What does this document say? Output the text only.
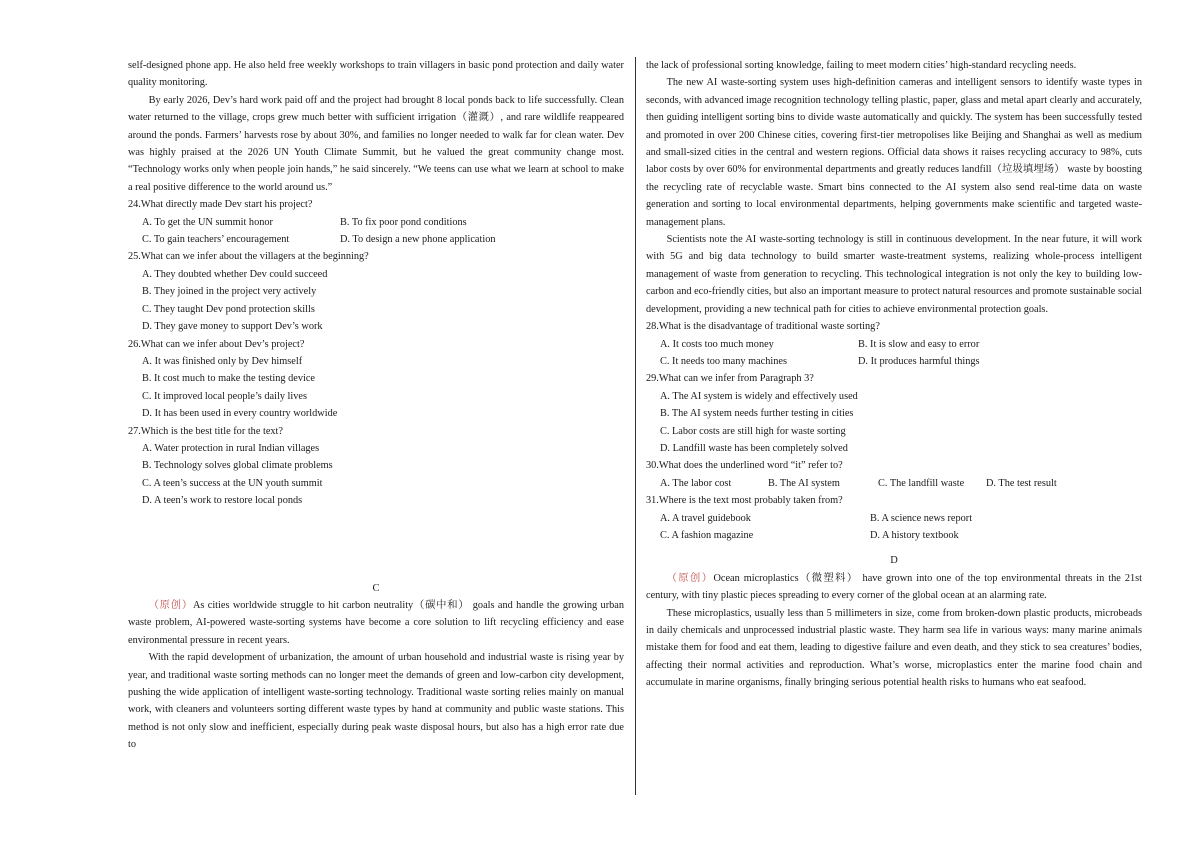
self-designed phone app. He also held free weekly workshops to train villagers in basic pond protection and daily water quality monitoring.

By early 2026, Dev’s hard work paid off and the project had brought 8 local ponds back to life successfully. Clean water returned to the village, crops grew much better with sufficient irrigation（灌溉）, and rare wildlife reappeared around the ponds. Farmers’ harvests rose by about 30%, and families no longer needed to walk far for clean water. Dev was highly praised at the 2026 UN Youth Climate Summit, but he valued the great community change most. “Technology works only when people join hands,” he said sincerely. “We teens can use what we learn at school to make a real positive difference to the world around us.”

24.What directly made Dev start his project?

A. To get the UN summit honor	B. To fix poor pond conditions
C. To gain teachers’ encouragement	D. To design a new phone application

25.What can we infer about the villagers at the beginning?

A. They doubted whether Dev could succeed

B. They joined in the project very actively

C. They taught Dev pond protection skills

D. They gave money to support Dev’s work

26.What can we infer about Dev’s project?

A. It was finished only by Dev himself

B. It cost much to make the testing device

C. It improved local people’s daily lives

D. It has been used in every country worldwide

27.Which is the best title for the text?

A. Water protection in rural Indian villages

B. Technology solves global climate problems

C. A teen’s success at the UN youth summit

D. A teen’s work to restore local ponds

C

（原创）As cities worldwide struggle to hit carbon neutrality（碳中和） goals and handle the growing urban waste problem, AI-powered waste-sorting systems have become a core solution to lift recycling efficiency and ease environmental pressure in recent years.

With the rapid development of urbanization, the amount of urban household and industrial waste is rising year by year, and traditional waste sorting methods can no longer meet the demands of green and low-carbon city development, pushing the wide application of intelligent waste-sorting technology. Traditional waste sorting relies mainly on manual work, with cleaners and volunteers sorting different waste types by hand at community and public waste stations. This method is not only slow and inefficient, especially during peak waste disposal hours, but also has a high error rate due to

the lack of professional sorting knowledge, failing to meet modern cities’ high-standard recycling needs.

The new AI waste-sorting system uses high-definition cameras and intelligent sensors to identify waste types in seconds, with advanced image recognition technology telling plastic, paper, glass and metal apart clearly and accurately, then guiding intelligent sorting bins to divide waste automatically and quickly. The system has been successfully tested and promoted in over 200 Chinese cities, covering first-tier metropolises like Beijing and Shanghai as well as medium and small-sized cities in the central and western regions. Official data shows it raises recycling accuracy to 98%, cuts labor costs by over 60% for environmental departments and greatly reduces landfill（垃圾填埋场） waste by boosting the recycling rate of recyclable waste. Smart bins connected to the AI system also send real-time data on waste generation and sorting to local environmental departments, helping governments make scientific and targeted waste-management plans.

Scientists note the AI waste-sorting technology is still in continuous development. In the near future, it will work with 5G and big data technology to build smarter waste-treatment systems, realizing whole-process intelligent management of waste from generation to recycling. This technological integration is not only the key to building low-carbon and eco-friendly cities, but also an important measure to protect natural resources and promote sustainable social development, providing a new technical path for cities to achieve environmental protection goals.

28.What is the disadvantage of traditional waste sorting?

A. It costs too much money	B. It is slow and easy to error
C. It needs too many machines	D. It produces harmful things

29.What can we infer from Paragraph 3?

A. The AI system is widely and effectively used

B. The AI system needs further testing in cities

C. Labor costs are still high for waste sorting

D. Landfill waste has been completely solved

30.What does the underlined word “it” refer to?

A. The labor cost	B. The AI system	C. The landfill waste	D. The test result

31.Where is the text most probably taken from?

A. A travel guidebook	B. A science news report
C. A fashion magazine	D. A history textbook

D

（原创）Ocean microplastics（微塑料） have grown into one of the top environmental threats in the 21st century, with tiny plastic pieces spreading to every corner of the global ocean at an alarming rate.

These microplastics, usually less than 5 millimeters in size, come from broken-down plastic products, microbeads in daily chemicals and unprocessed industrial plastic waste. They harm sea life in various ways: many marine animals mistake them for food and eat them, leading to digestive failure and even death, and they stick to sea creatures’ bodies, affecting their normal activities and reproduction. What’s worse, microplastics enter the marine food chain and accumulate in marine organisms, finally bringing serious potential health risks to humans who eat seafood.
